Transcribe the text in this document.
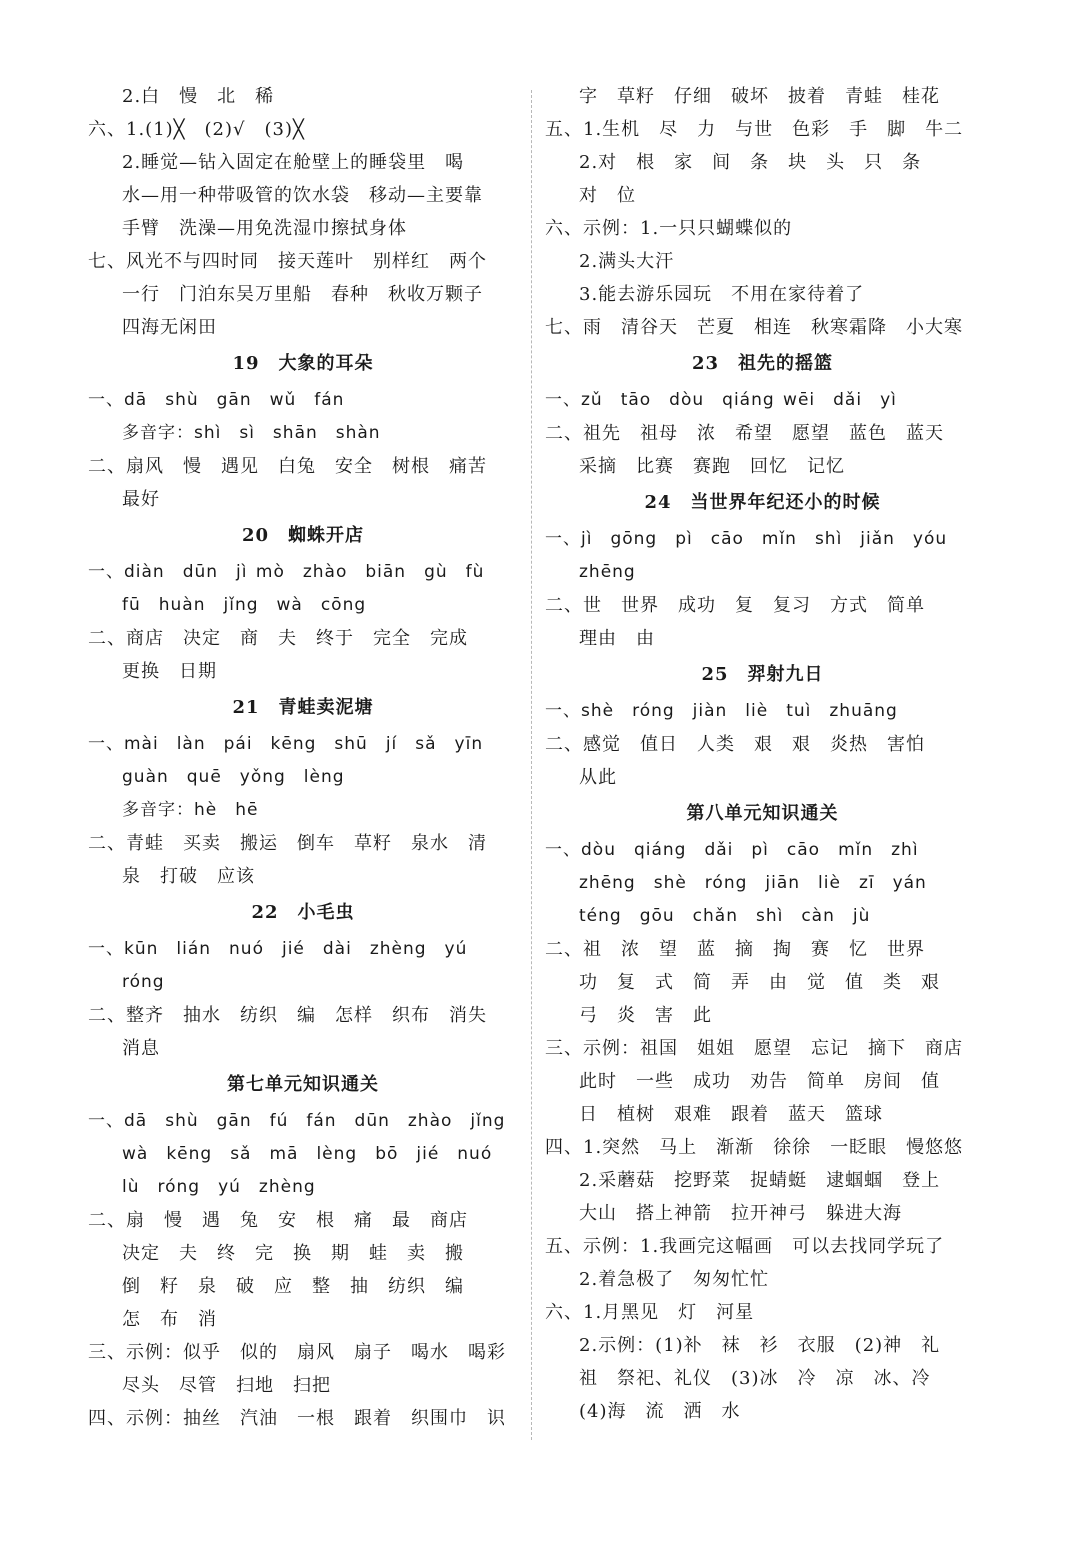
2.白　慢　北　稀
六、1.(1)╳　(2)√　(3)╳
2.睡觉—钻入固定在舱壁上的睡袋里　喝
水—用一种带吸管的饮水袋　移动—主要靠
手臂　洗澡—用免洗湿巾擦拭身体
七、风光不与四时同　接天莲叶　别样红　两个
一行　门泊东吴万里船　春种　秋收万颗子
四海无闲田
19　大象的耳朵
一、dā　shù　gān　wǔ　fán
多音字：shì　sì　shān　shàn
二、扇风　慢　遇见　白兔　安全　树根　痛苦
最好
20　蜘蛛开店
一、diàn　dūn　jì mò　zhào　biān　gù　fù
fū　huàn　jǐng　wà　cōng
二、商店　决定　商　夫　终于　完全　完成
更换　日期
21　青蛙卖泥塘
一、mài　làn　pái　kēng　shū　jí　sǎ　yīn
guàn　quē　yǒng　lèng
多音字：hè　hē
二、青蛙　买卖　搬运　倒车　草籽　泉水　清
泉　打破　应该
22　小毛虫
一、kūn　lián　nuó　jié　dài　zhèng　yú
róng
二、整齐　抽水　纺织　编　怎样　织布　消失
消息
第七单元知识通关
一、dā　shù　gān　fú　fán　dūn　zhào　jǐng
wà　kēng　sǎ　mā　lèng　bō　jié　nuó
lù　róng　yú　zhèng
二、扇　慢　遇　兔　安　根　痛　最　商店
决定　夫　终　完　换　期　蛙　卖　搬
倒　籽　泉　破　应　整　抽　纺织　编
怎　布　消
三、示例：似乎　似的　扇风　扇子　喝水　喝彩
尽头　尽管　扫地　扫把
四、示例：抽丝　汽油　一根　跟着　织围巾　识
字　草籽　仔细　破坏　披着　青蛙　桂花
五、1.生机　尽　力　与世　色彩　手　脚　牛二
2.对　根　家　间　条　块　头　只　条
对　位
六、示例：1.一只只蝴蝶似的
2.满头大汗
3.能去游乐园玩　不用在家待着了
七、雨　清谷天　芒夏　相连　秋寒霜降　小大寒
23　祖先的摇篮
一、zǔ　tāo　dòu　qiáng wēi　dǎi　yì
二、祖先　祖母　浓　希望　愿望　蓝色　蓝天
采摘　比赛　赛跑　回忆　记忆
24　当世界年纪还小的时候
一、jì　gōng　pì　cāo　mǐn　shì　jiǎn　yóu
zhēng
二、世　世界　成功　复　复习　方式　简单
理由　由
25　羿射九日
一、shè　róng　jiàn　liè　tuì　zhuāng
二、感觉　值日　人类　艰　艰　炎热　害怕
从此
第八单元知识通关
一、dòu　qiáng　dǎi　pì　cāo　mǐn　zhì
zhēng　shè　róng　jiān　liè　zī　yán
téng　gōu　chǎn　shì　càn　jù
二、祖　浓　望　蓝　摘　掏　赛　忆　世界
功　复　式　简　弄　由　觉　值　类　艰
弓　炎　害　此
三、示例：祖国　姐姐　愿望　忘记　摘下　商店
此时　一些　成功　劝告　简单　房间　值
日　植树　艰难　跟着　蓝天　篮球
四、1.突然　马上　渐渐　徐徐　一眨眼　慢悠悠
2.采蘑菇　挖野菜　捉蜻蜓　逮蝈蝈　登上
大山　搭上神箭　拉开神弓　躲进大海
五、示例：1.我画完这幅画　可以去找同学玩了
2.着急极了　匆匆忙忙
六、1.月黑见　灯　河星
2.示例：(1)补　袜　衫　衣服　(2)神　礼
祖　祭祀、礼仪　(3)冰　冷　凉　冰、冷
(4)海　流　洒　水
